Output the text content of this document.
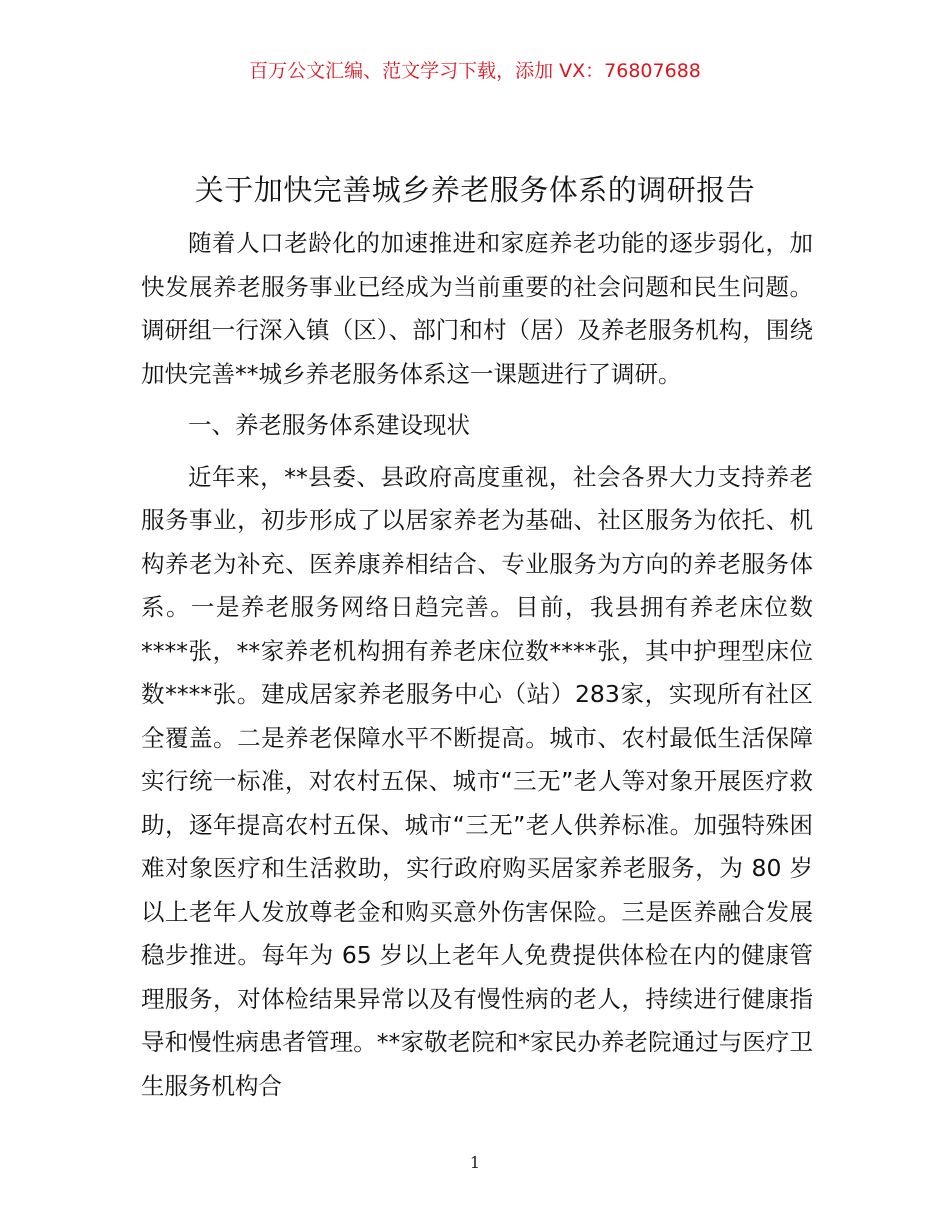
百万公文汇编、范文学习下载，添加 VX：76807688
关于加快完善城乡养老服务体系的调研报告

随着人口老龄化的加速推进和家庭养老功能的逐步弱化，加快发展养老服务事业已经成为当前重要的社会问题和民生问题。调研组一行深入镇（区）、部门和村（居）及养老服务机构，围绕加快完善**城乡养老服务体系这一课题进行了调研。

一、养老服务体系建设现状

近年来，**县委、县政府高度重视，社会各界大力支持养老服务事业，初步形成了以居家养老为基础、社区服务为依托、机构养老为补充、医养康养相结合、专业服务为方向的养老服务体系。一是养老服务网络日趋完善。目前，我县拥有养老床位数****张，**家养老机构拥有养老床位数****张，其中护理型床位数****张。建成居家养老服务中心（站）283家，实现所有社区全覆盖。二是养老保障水平不断提高。城市、农村最低生活保障实行统一标准，对农村五保、城市“三无”老人等对象开展医疗救助，逐年提高农村五保、城市“三无”老人供养标准。加强特殊困难对象医疗和生活救助，实行政府购买居家养老服务，为 80 岁以上老年人发放尊老金和购买意外伤害保险。三是医养融合发展稳步推进。每年为 65 岁以上老年人免费提供体检在内的健康管理服务，对体检结果异常以及有慢性病的老人，持续进行健康指导和慢性病患者管理。**家敬老院和*家民办养老院通过与医疗卫生服务机构合

1
